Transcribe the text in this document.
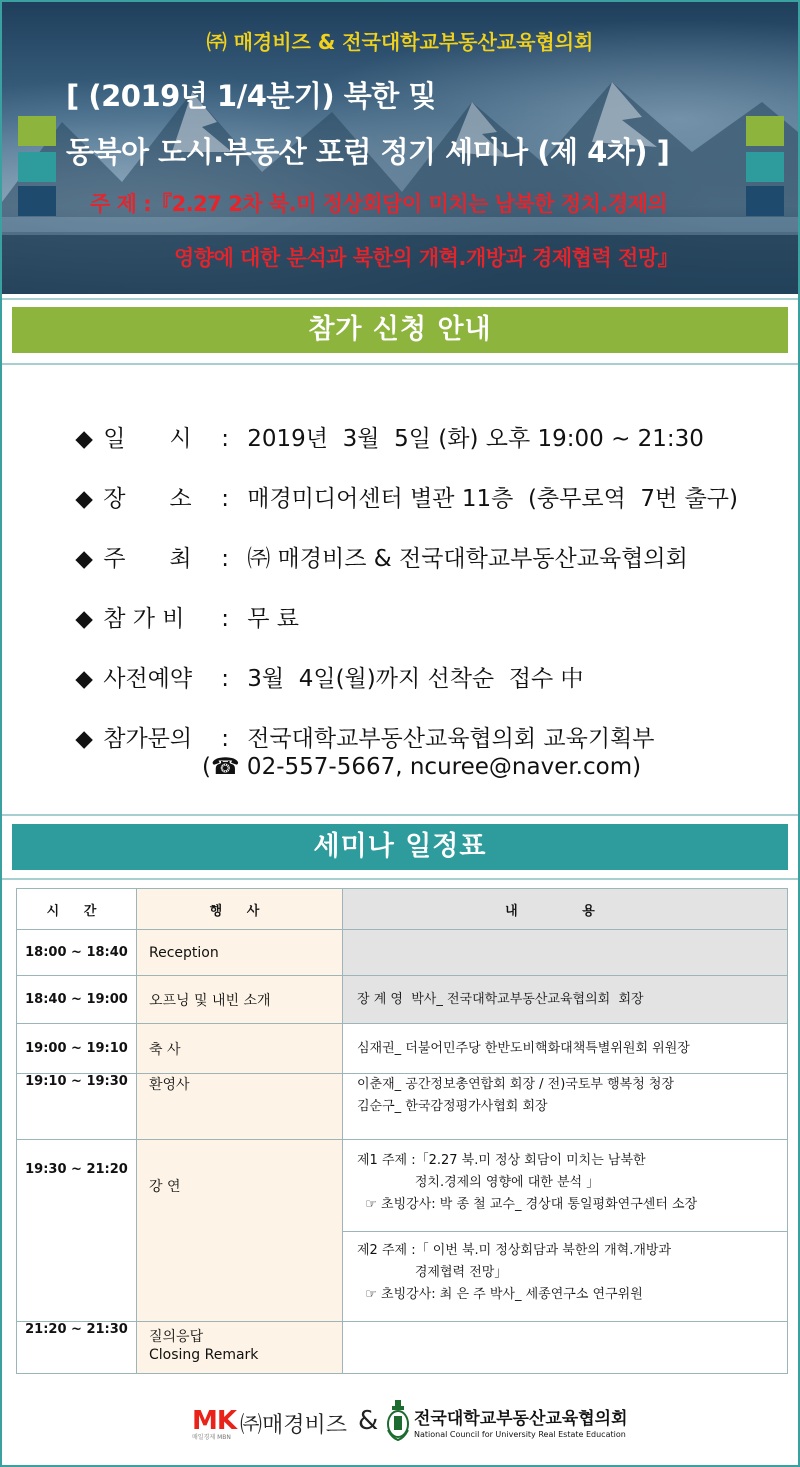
㈜ 매경비즈 & 전국대학교부동산교육협의회
[ (2019년 1/4분기) 북한 및
동북아 도시.부동산 포럼 정기 세미나 (제 4차) ]
주 제 :『2.27 2차 북.미 정상회담이 미치는 남북한 정치.경제의
영향에 대한 분석과 북한의 개혁.개방과 경제협력 전망』
참가 신청 안내

◆ 일      시 : 2019년  3월  5일 (화) 오후 19:00 ~ 21:30

◆ 장      소 : 매경미디어센터 별관 11층  (충무로역  7번 출구)

◆ 주      최 : ㈜ 매경비즈 & 전국대학교부동산교육협의회

◆ 참 가 비 : 무 료

◆ 사전예약 : 3월  4일(월)까지 선착순  접수 中

◆ 참가문의 : 전국대학교부동산교육협의회 교육기획부

(☎ 02-557-5667, ncuree@naver.com)
세미나 일정표
시 간	행 사	내 용
18:00 ~ 18:40	Reception	
18:40 ~ 19:00	오프닝 및 내빈 소개	장 계 영  박사_ 전국대학교부동산교육협의회  회장

19:00 ~ 19:10	축 사	심재권_ 더불어민주당 한반도비핵화대책특별위원회 위원장

19:10 ~ 19:30	환영사	이춘재_ 공간정보총연합회 회장 / 전)국토부 행복청 청장
김순구_ 한국감정평가사협회 회장

19:30 ~ 21:20	강 연	제1 주제 :「2.27 북.미 정상 회담이 미치는 남북한
정치.경제의 영향에 대한 분석 」
☞ 초빙강사: 박 종 철 교수_ 경상대 통일평화연구센터 소장

		제2 주제 :「 이번 북.미 정상회담과 북한의 개혁.개방과
경제협력 전망」
☞ 초빙강사: 최 은 주 박사_ 세종연구소 연구위원

21:20 ~ 21:30	질의응답
Closing Remark	

MK
매일경제 MBN ㈜매경비즈 & 전국대학교부동산교육협의회
National Council for University Real Estate Education
